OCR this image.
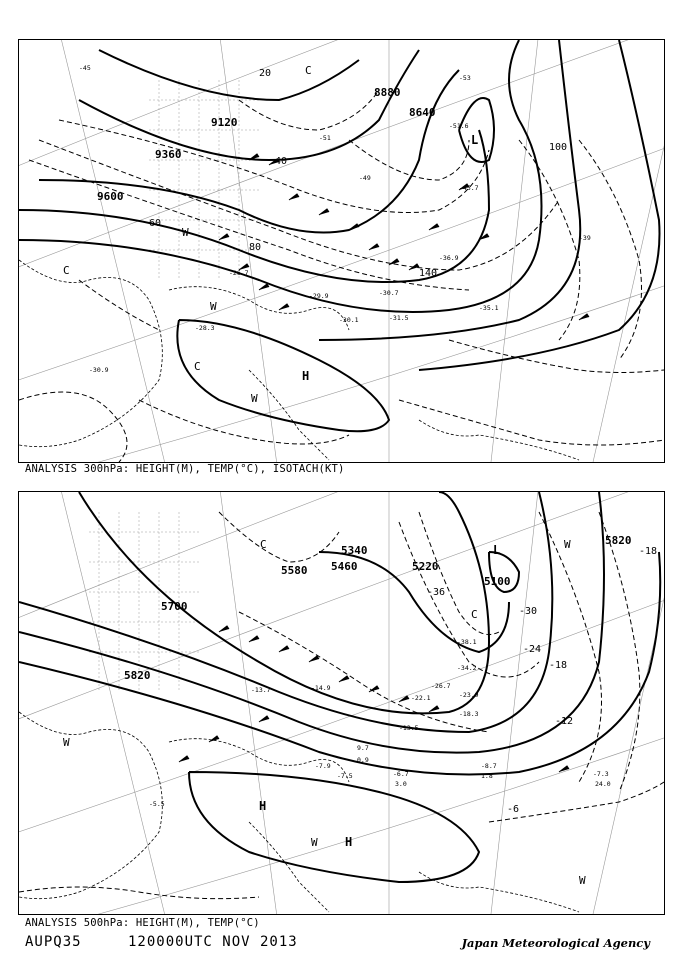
9120
9360
9600
8880
8640
20
40
60
80
100
140
-45
-51
-53
-49
-39
-35.1
-36.9
-31.5
-30.7
-30.1
-29.9
-26.7
-28.3
-30.9
-45.7
-51.6
L
H
C
C
C
W
W
W
ANALYSIS 300hPa: HEIGHT(M), TEMP(°C), ISOTACH(KT)
5100
5220
5340
5460
5580
5700
5820
5820
-36
-30
-24
-18
-12
-6
-18
-38.1
-34.2
-26.7
-23.9
-18.3
-13.5
-8.7
-7.3
-6.7
-7.5
-7.9
-5.5
-13.7	-14.9
-22.1
24.0
1.8
3.0
9.7
0.9
L
H
H
C
C
W
W
W
W
ANALYSIS 500hPa: HEIGHT(M), TEMP(°C)
AUPQ35	120000UTC NOV 2013	Japan Meteorological Agency
